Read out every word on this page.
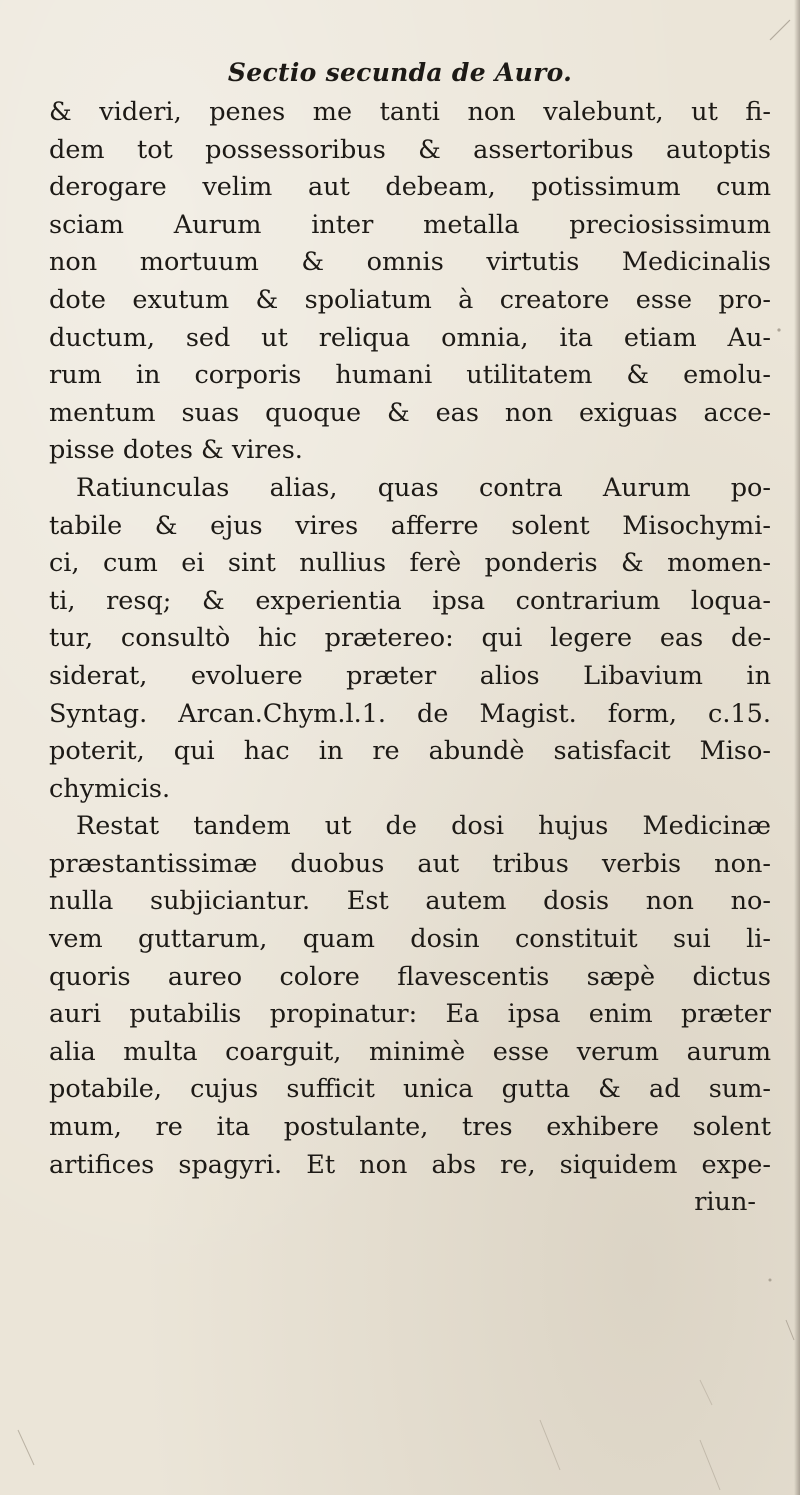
Sectio secunda de Auro.
& videri, penes me tanti non valebunt, ut fi-
dem tot possessoribus & assertoribus autoptis
derogare velim aut debeam, potissimum cum
sciam Aurum inter metalla preciosissimum
non mortuum & omnis virtutis Medicinalis
dote exutum & spoliatum à creatore esse pro-
ductum, sed ut reliqua omnia, ita etiam Au-
rum in corporis humani utilitatem & emolu-
mentum suas quoque & eas non exiguas acce-
pisse dotes & vires.
Ratiunculas alias, quas contra Aurum po-
tabile & ejus vires afferre solent Misochymi-
ci, cum ei sint nullius ferè ponderis & momen-
ti, resq; & experientia ipsa contrarium loqua-
tur, consultò hic prætereo: qui legere eas de-
siderat, evoluere præter alios Libavium in
Syntag. Arcan.Chym.l.1. de Magist. form, c.15.
poterit, qui hac in re abundè satisfacit Miso-
chymicis.
Restat tandem ut de dosi hujus Medicinæ
præstantissimæ duobus aut tribus verbis non-
nulla subjiciantur. Est autem dosis non no-
vem guttarum, quam dosin constituit sui li-
quoris aureo colore flavescentis sæpè dictus
auri putabilis propinatur: Ea ipsa enim præter
alia multa coarguit, minimè esse verum aurum
potabile, cujus sufficit unica gutta & ad sum-
mum, re ita postulante, tres exhibere solent
artifices spagyri. Et non abs re, siquidem expe-
riun-
